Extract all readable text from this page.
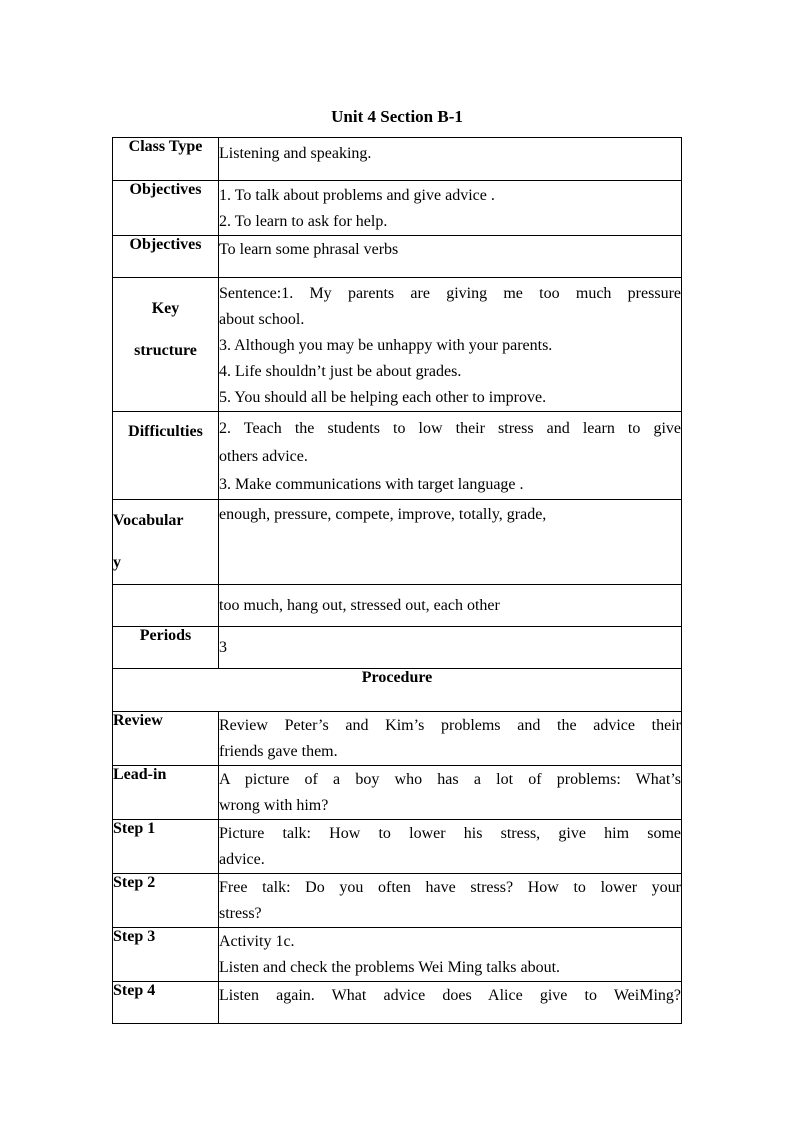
Unit 4 Section B-1
Class Type	Listening and speaking.
Objectives	1. To talk about problems and give advice .
2. To learn to ask for help.

Objectives	To learn some phrasal verbs

Key
structure	Sentence:1. My parents are giving me too much pressure
about school.
3. Although you may be unhappy with your parents.
4. Life shouldn’t just be about grades.
5. You should all be helping each other to improve.

Difficulties	2. Teach the students to low their stress and learn to give
others advice.
3. Make communications with target language .

Vocabular
y	enough, pressure, compete, improve, totally, grade,
	too much, hang out, stressed out, each other
Periods	3
Procedure	
Review	Review Peter’s and Kim’s problems and the advice their
friends gave them.

Lead-in	A picture of a boy who has a lot of problems: What’s
wrong with him?

Step 1	Picture talk: How to lower his stress, give him some
advice.

Step 2	Free talk: Do you often have stress? How to lower your
stress?

Step 3	Activity 1c.
Listen and check the problems Wei Ming talks about.

Step 4	Listen again. What advice does Alice give to WeiMing?
